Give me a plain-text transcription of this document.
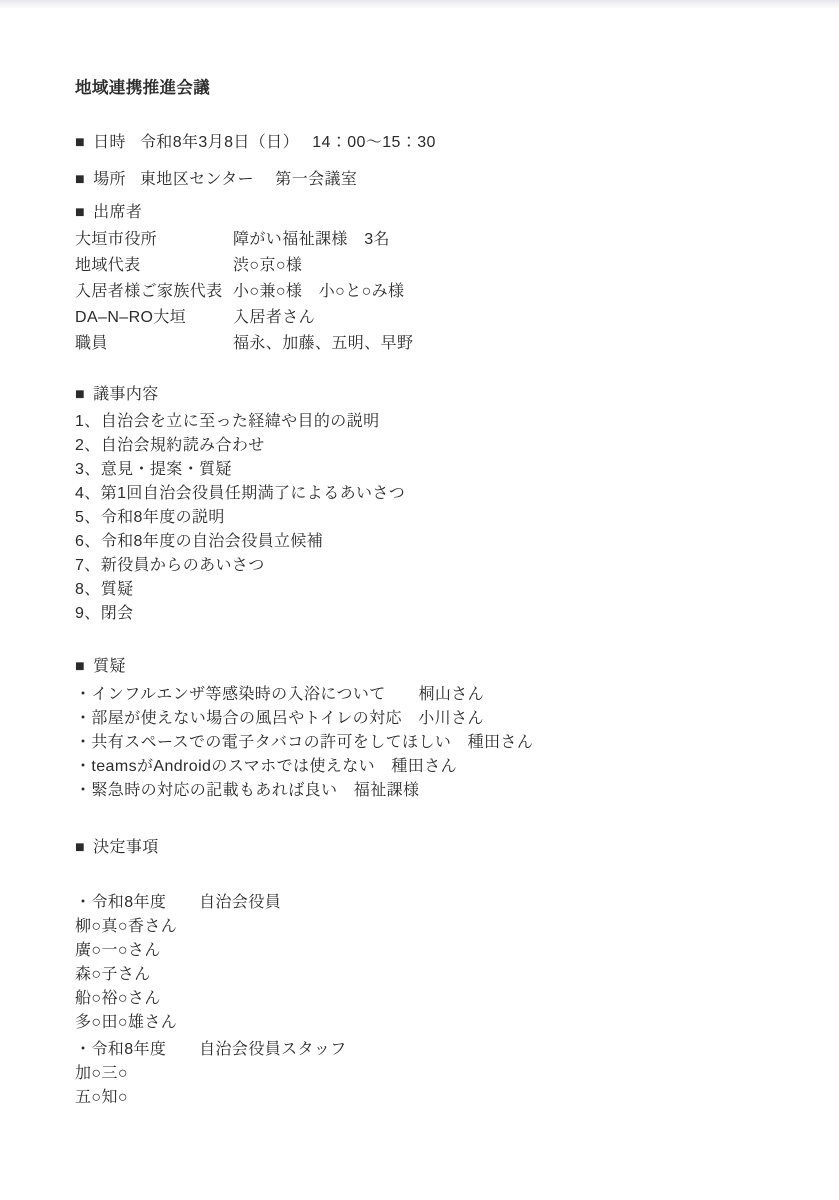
地域連携推進会議
■ 日時 令和8年3月8日（日）　 14：00～15：30
■ 場所 東地区センター　 第一会議室
■ 出席者
大垣市役所	障がい福祉課様　3名
地域代表	渋○京○様
入居者様ご家族代表 小○兼○様　小○と○み様
DA–N–RO大垣	入居者さん
職員	福永、加藤、五明、早野
■ 議事内容
1、自治会を立に至った経緯や目的の説明
2、自治会規約読み合わせ
3、意見・提案・質疑
4、第1回自治会役員任期満了によるあいさつ
5、令和8年度の説明
6、令和8年度の自治会役員立候補
7、新役員からのあいさつ
8、質疑
9、閉会
■ 質疑
・インフルエンザ等感染時の入浴について　　桐山さん
・部屋が使えない場合の風呂やトイレの対応　小川さん
・共有スペースでの電子タバコの許可をしてほしい　種田さん
・teamsがAndroidのスマホでは使えない　種田さん
・緊急時の対応の記載もあれば良い　福祉課様
■ 決定事項
・令和8年度　　自治会役員
柳○真○香さん
廣○一○さん
森○子さん
船○裕○さん
多○田○雄さん
・令和8年度　　自治会役員スタッフ
加○三○
五○知○
